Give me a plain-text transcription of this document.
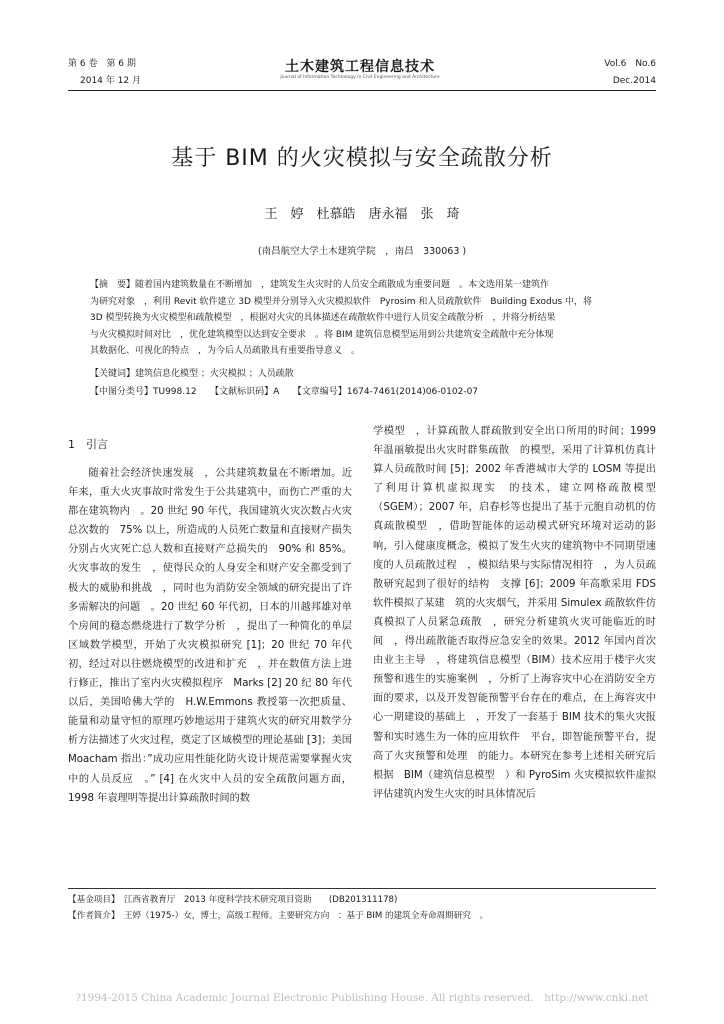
第 6 卷　第 6 期
2014 年 12 月
土木建筑工程信息技术
Journal of Information Technology in Civil Engineering and Architecture
Vol.6　No.6
Dec.2014
基于 BIM 的火灾模拟与安全疏散分析
王　婷　杜慕皓　唐永福　张　琦
(南昌航空大学土木建筑学院　，南昌　330063 )

【摘　要】随着国内建筑数量在不断增加　，建筑发生火灾时的人员安全疏散成为重要问题　。本文选用某一建筑作

为研究对象　，利用 Revit 软件建立 3D 模型并分别导入火灾模拟软件　Pyrosim 和人员疏散软件　Building Exodus 中，将

3D 模型转换为火灾模型和疏散模型　，根据对火灾的具体描述在疏散软件中进行人员安全疏散分析　，并将分析结果

与火灾模拟时间对比　，优化建筑模型以达到安全要求　。将 BIM 建筑信息模型运用到公共建筑安全疏散中充分体现

其数据化、可视化的特点　，为今后人员疏散具有重要指导意义　。

【关键词】建筑信息化模型 ；火灾模拟 ；人员疏散
【中图分类号】TU998.12　　【文献标识码】A　　【文章编号】1674-7461(2014)06-0102-07
1　引言

随着社会经济快速发展　，公共建筑数量在不断增加。近年来，重大火灾事故时常发生于公共建筑中，而伤亡严重的大都在建筑物内　。20 世纪 90 年代，我国建筑火灾次数占火灾总次数的　75% 以上，所造成的人员死亡数量和直接财产损失分别占火灾死亡总人数和直接财产总损失的　90% 和 85%。火灾事故的发生　，使得民众的人身安全和财产安全都受到了极大的威胁和挑战　，同时也为消防安全领域的研究提出了许多需解决的问题　。20 世纪 60 年代初，日本的川越邦雄对单个房间的稳态燃烧进行了数学分析　，提出了一种简化的单层区域数学模型，开始了火灾模拟研究 [1]；20 世纪 70 年代初，经过对以往燃烧模型的改进和扩充　，并在数值方法上进行修正，推出了室内火灾模拟程序　Marks [2] 20 纪 80 年代以后，美国哈佛大学的　H.W.Emmons 教授第一次把质量、能量和动量守恒的原理巧妙地运用于建筑火灾的研究用数学分析方法描述了火灾过程，奠定了区域模型的理论基础 [3]；美国　Moacham 指出：”成功应用性能化防火设计规范需要掌握火灾中的人员反应　。” [4] 在火灾中人员的安全疏散问题方面，1998 年袁理明等提出计算疏散时间的数

学模型　，计算疏散人群疏散到安全出口所用的时间；1999 年温丽敏提出火灾时群集疏散　的模型，采用了计算机仿真计算人员疏散时间 [5]；2002 年香港城市大学的 LOSM 等提出了利用计算机虚拟现实　的技术，建立网格疏散模型（SGEM）；2007 年，启春杉等也提出了基于元胞自动机的仿真疏散模型　，借助智能体的运动模式研究环境对运动的影　响，引入健康度概念，模拟了发生火灾的建筑物中不同期望速度的人员疏散过程　，模拟结果与实际情况相符　，为人员疏散研究起到了很好的结构　支撑 [6]；2009 年高歌采用 FDS 软件模拟了某建　筑的火灾烟气，并采用 Simulex 疏散软件仿真模拟了人员紧急疏散　，研究分析建筑火灾可能临近的时间　，得出疏散能否取得应急安全的效果。2012 年国内首次由业主主导　，将建筑信息模型（BIM）技术应用于楼宇火灾预警和逃生的实施案例　，分析了上海容灾中心在消防安全方面的要求，以及开发智能预警平台存在的难点，在上海容灾中心一期建设的基础上　，开发了一套基于 BIM 技术的集火灾报警和实时逃生为一体的应用软件　平台，即智能预警平台，提高了火灾预警和处理　的能力。本研究在参考上述相关研究后根据　BIM（建筑信息模型　）和 PyroSim 火灾模拟软件虚拟评估建筑内发生火灾的时具体情况后

【基金项目】　江西省教育厅　2013 年度科学技术研究项目资助　　(DB201311178)
【作者简介】　王婷（1975-）女，博士，高级工程师。主要研究方向　：基于 BIM 的建筑全寿命周期研究　。
?1994-2015 China Academic Journal Electronic Publishing House. All rights reserved.　http://www.cnki.net
